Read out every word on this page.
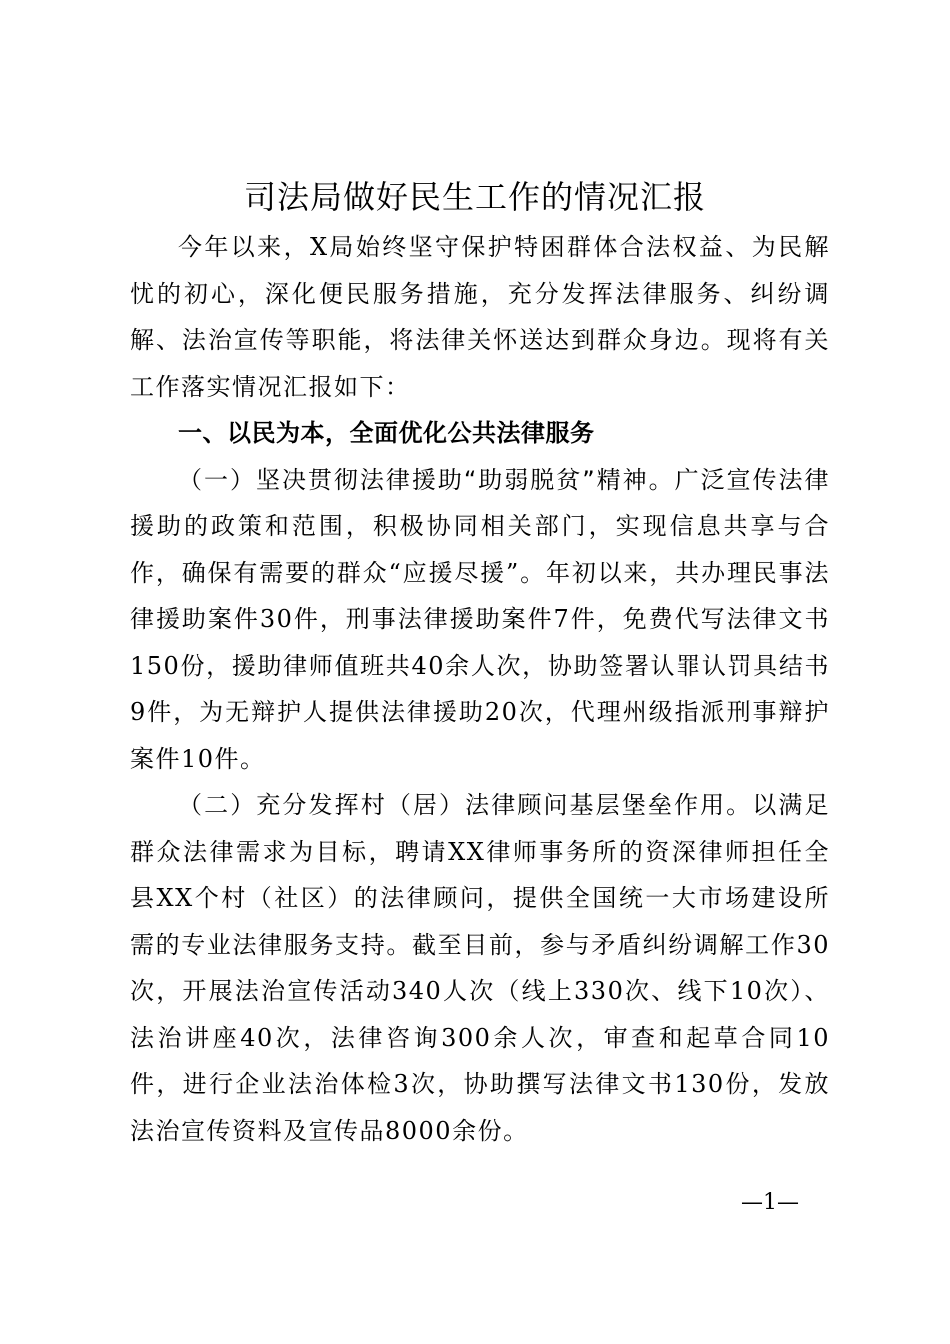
司法局做好民生工作的情况汇报

今年以来，X局始终坚守保护特困群体合法权益、为民解忧的初心，深化便民服务措施，充分发挥法律服务、纠纷调解、法治宣传等职能，将法律关怀送达到群众身边。现将有关工作落实情况汇报如下：

一、以民为本，全面优化公共法律服务

（一）坚决贯彻法律援助“助弱脱贫”精神。广泛宣传法律援助的政策和范围，积极协同相关部门，实现信息共享与合作，确保有需要的群众“应援尽援”。年初以来，共办理民事法律援助案件30件，刑事法律援助案件7件，免费代写法律文书150份，援助律师值班共40余人次，协助签署认罪认罚具结书9件，为无辩护人提供法律援助20次，代理州级指派刑事辩护案件10件。

（二）充分发挥村（居）法律顾问基层堡垒作用。以满足群众法律需求为目标，聘请XX律师事务所的资深律师担任全县XX个村（社区）的法律顾问，提供全国统一大市场建设所需的专业法律服务支持。截至目前，参与矛盾纠纷调解工作30次，开展法治宣传活动340人次（线上330次、线下10次）、法治讲座40次，法律咨询300余人次，审查和起草合同10件，进行企业法治体检3次，协助撰写法律文书130份，发放法治宣传资料及宣传品8000余份。

—1—
